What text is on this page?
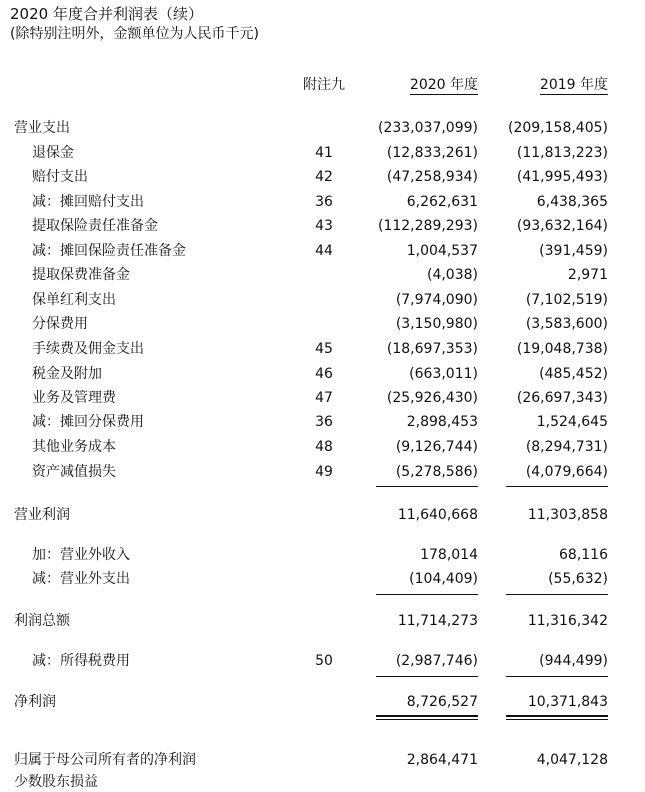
2020 年度合并利润表（续）
(除特别注明外，金额单位为人民币千元)
附注九	2020 年度	2019 年度
营业支出	(233,037,099)	(209,158,405)
退保金	41	(12,833,261)	(11,813,223)
赔付支出	42	(47,258,934)	(41,995,493)
减：摊回赔付支出	36	6,262,631	6,438,365
提取保险责任准备金	43	(112,289,293)	(93,632,164)
减：摊回保险责任准备金	44	1,004,537	(391,459)
提取保费准备金	(4,038)	2,971
保单红利支出	(7,974,090)	(7,102,519)
分保费用	(3,150,980)	(3,583,600)
手续费及佣金支出	45	(18,697,353)	(19,048,738)
税金及附加	46	(663,011)	(485,452)
业务及管理费	47	(25,926,430)	(26,697,343)
减：摊回分保费用	36	2,898,453	1,524,645
其他业务成本	48	(9,126,744)	(8,294,731)
资产减值损失	49	(5,278,586)	(4,079,664)
营业利润	11,640,668	11,303,858
加：营业外收入	178,014	68,116
减：营业外支出	(104,409)	(55,632)
利润总额	11,714,273	11,316,342
减：所得税费用	50	(2,987,746)	(944,499)
净利润	8,726,527	10,371,843
归属于母公司所有者的净利润	2,864,471	4,047,128
少数股东损益
